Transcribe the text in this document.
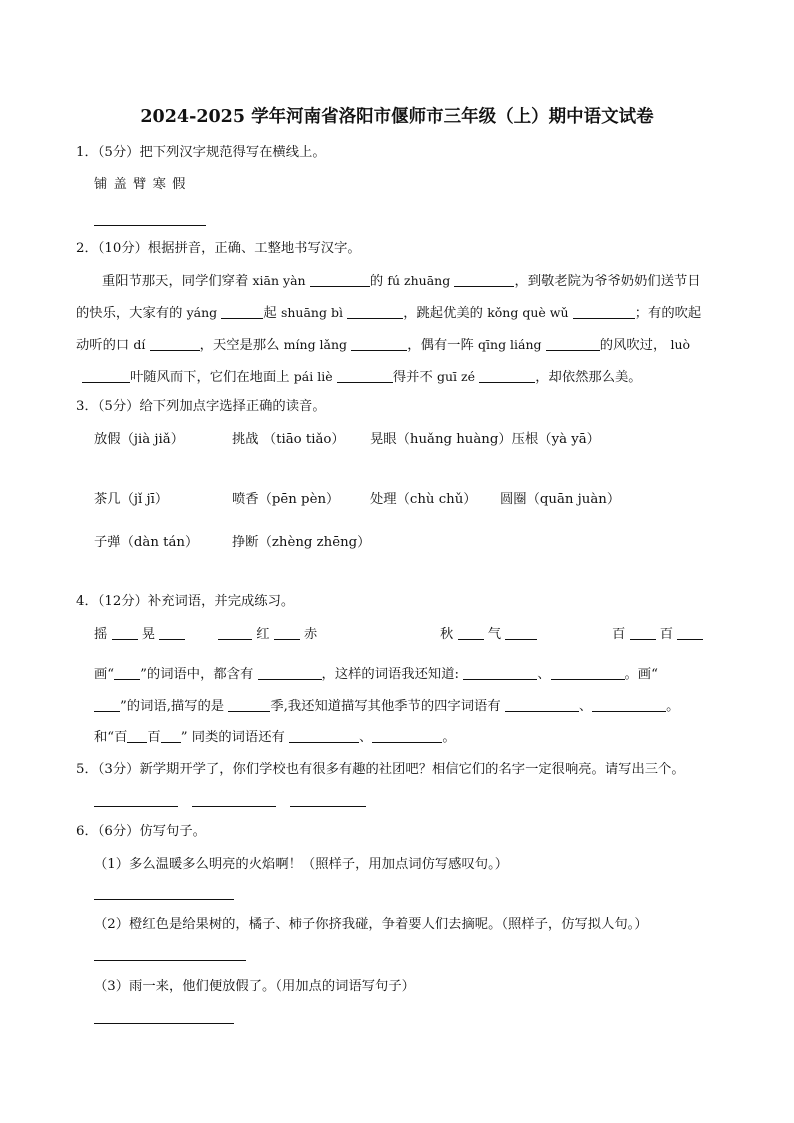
2024-2025 学年河南省洛阳市偃师市三年级（上）期中语文试卷
1．（5分）把下列汉字规范得写在横线上。
铺 盖 臂 寒 假
2．（10分）根据拼音，正确、工整地书写汉字。
重阳节那天，同学们穿着 xiān yàn	的 fú zhuāng	，到敬老院为爷爷奶奶们送节日
的快乐，大家有的 yáng	起 shuāng bì	，跳起优美的 kǒng què wǔ	；有的吹起
动听的口 dí	，天空是那么 míng lǎng	，偶有一阵 qīng liáng	的风吹过， luò
叶随风而下，它们在地面上 pái liè	得并不 guī zé	，却依然那么美。
3．（5分）给下列加点字选择正确的读音。
放假（jià jiǎ）	挑战 （tiāo tiǎo） 晃眼（huǎng huàng）压根（yà yā）
茶几（jǐ jī）	喷香（pēn pèn） 处理（chù chǔ） 圆圈（quān juàn）
子弹（dàn tán）	挣断（zhèng zhēng）
4．（12分）补充词语，并完成练习。
摇	晃	红	赤	秋	气	百	百
画“ ”的词语中，都含有	，这样的词语我还知道:	、	。画“
”的词语,描写的是	季,我还知道描写其他季节的四字词语有	、	。
和“百 百 ” 同类的词语还有	、	。
5．（3分）新学期开学了，你们学校也有很多有趣的社团吧？相信它们的名字一定很响亮。请写出三个。
6．（6分）仿写句子。
（1）多么温暖多么明亮的火焰啊！（照样子，用加点词仿写感叹句。）
（2）橙红色是给果树的，橘子、柿子你挤我碰，争着要人们去摘呢。（照样子，仿写拟人句。）
（3）雨一来，他们便放假了。（用加点的词语写句子）
